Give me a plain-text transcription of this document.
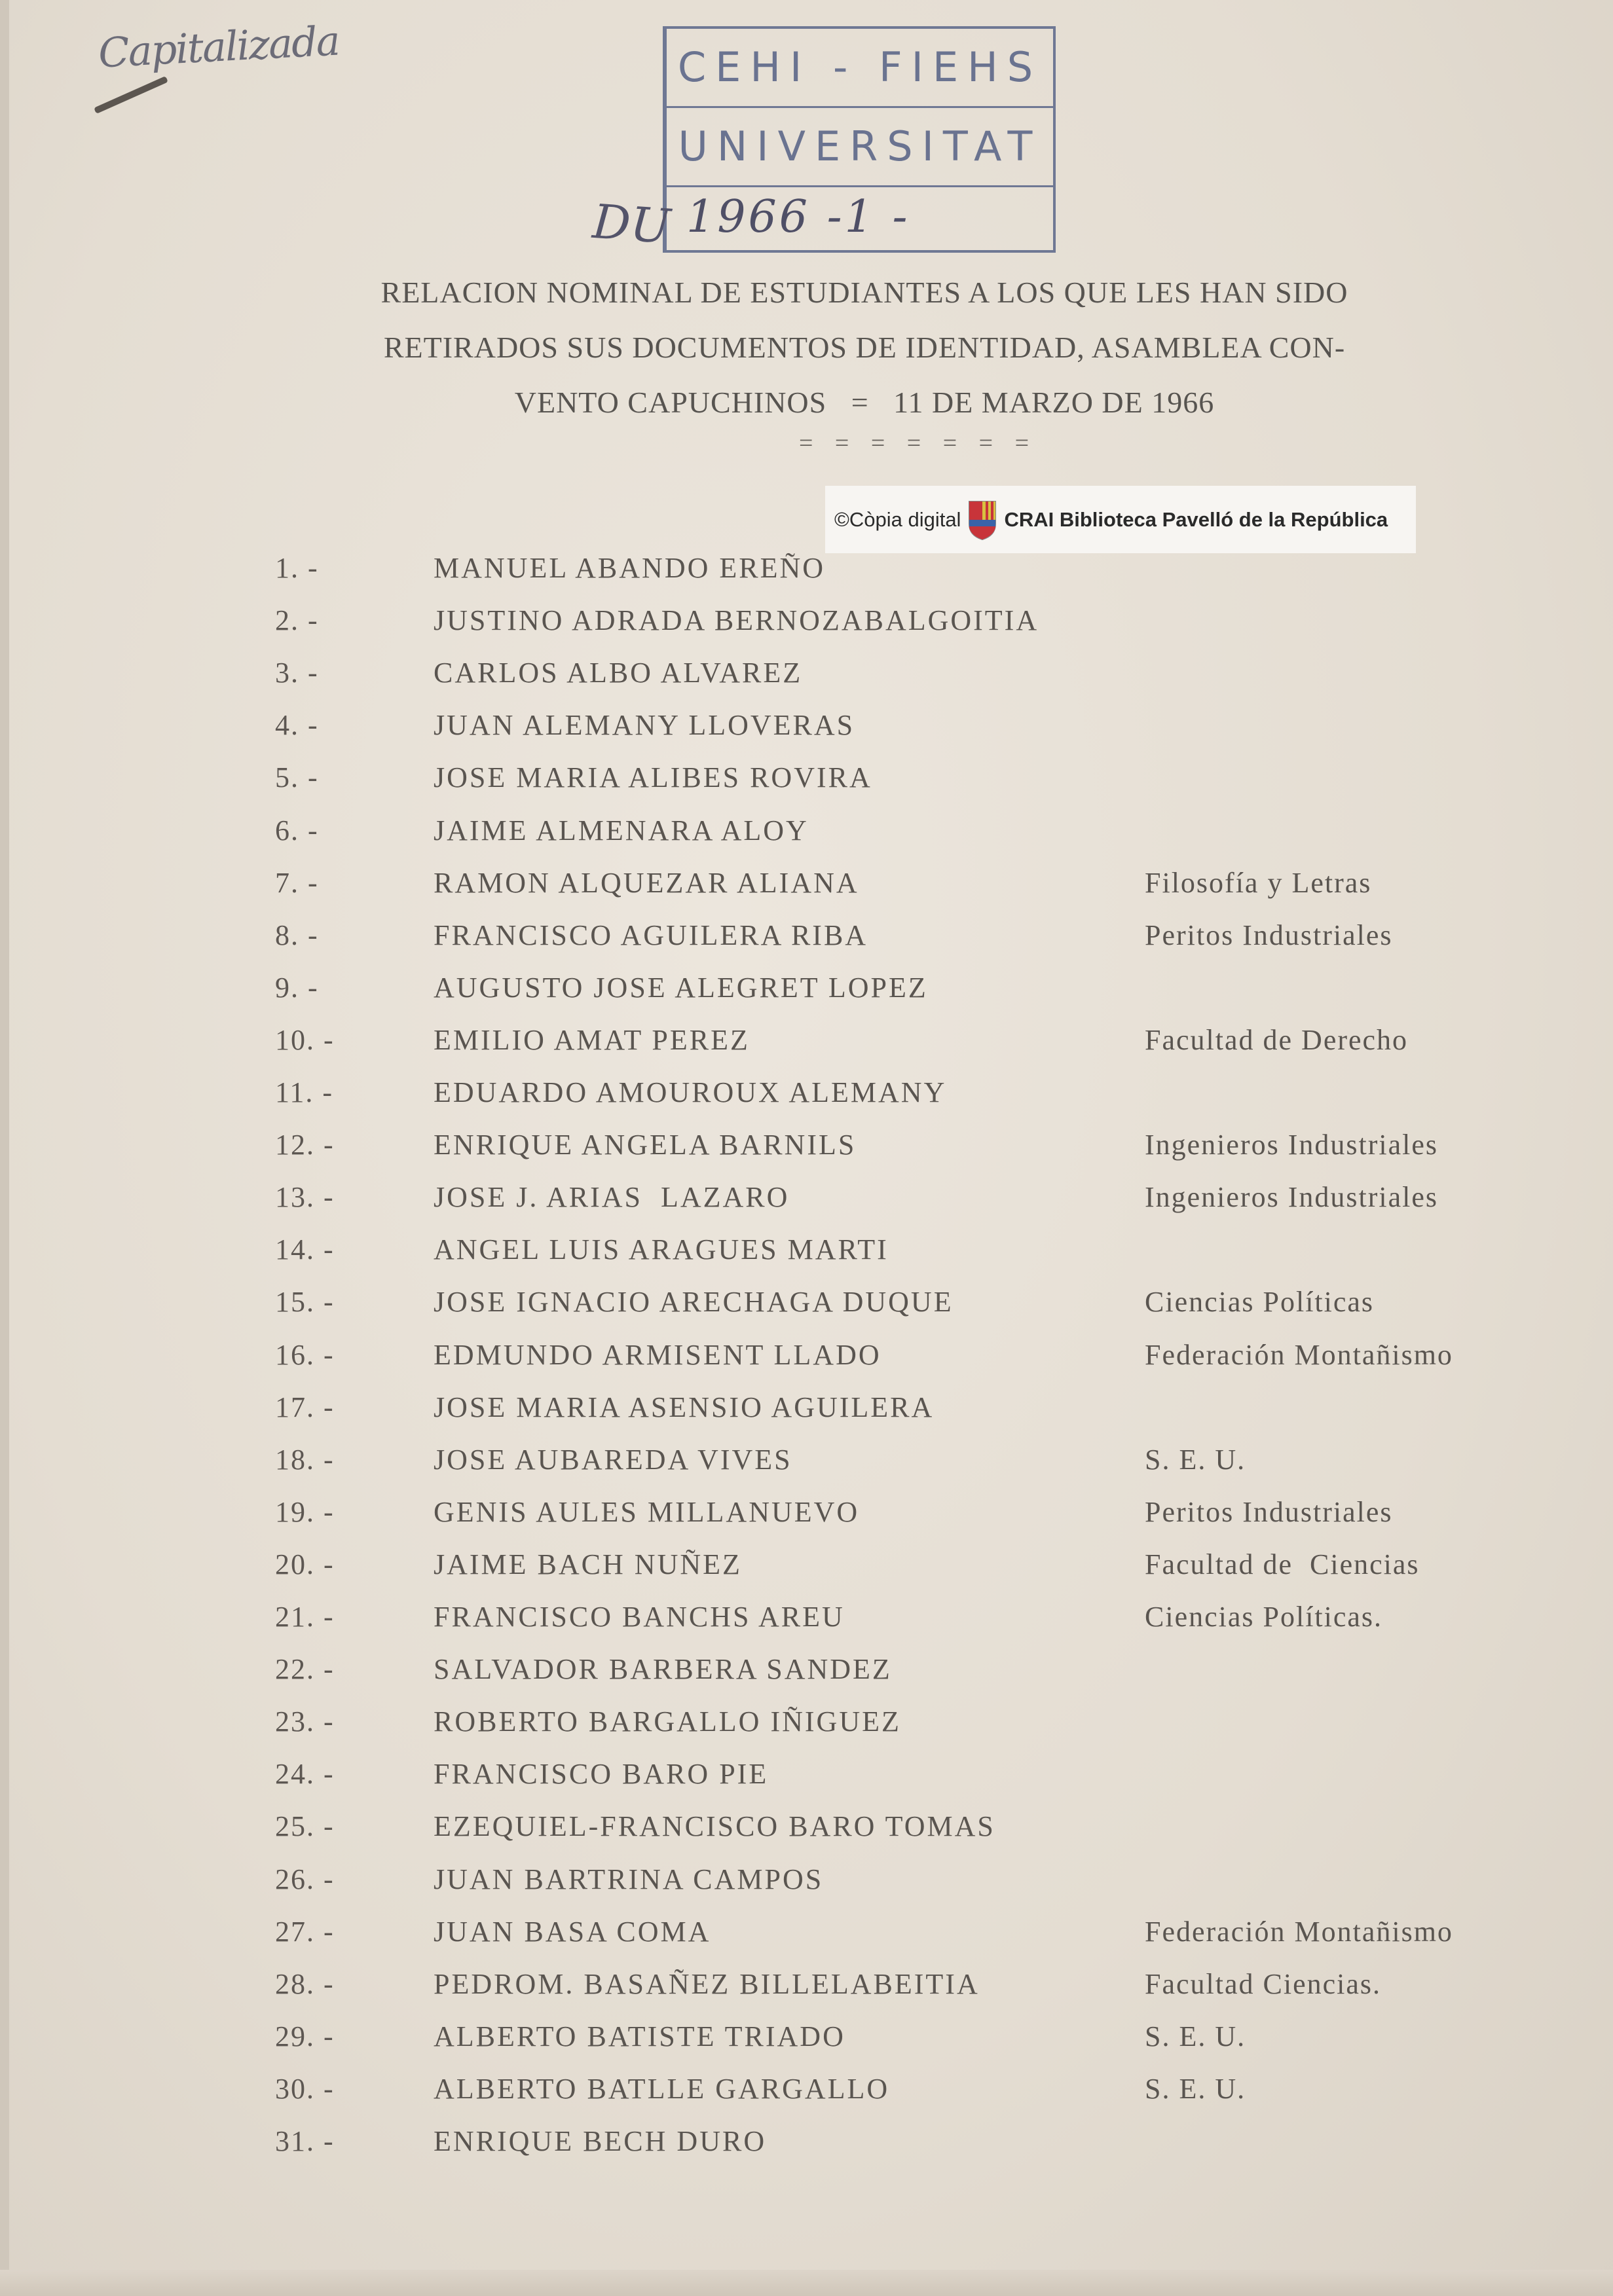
Capitalizada	CEHI - FIEHS
UNIVERSITAT
1966 -1 -
DU
RELACION NOMINAL DE ESTUDIANTES A LOS QUE LES HAN SIDO
RETIRADOS SUS DOCUMENTOS DE IDENTIDAD, ASAMBLEA CON-
VENTO CAPUCHINOS   =   11 DE MARZO DE 1966
= = = = = = =
©Còpia digital CRAI Biblioteca Pavelló de la República
1. -	MANUEL ABANDO EREÑO
2. -	JUSTINO ADRADA BERNOZABALGOITIA
3. -	CARLOS ALBO ALVAREZ
4. -	JUAN ALEMANY LLOVERAS
5. -	JOSE MARIA ALIBES ROVIRA
6. -	JAIME ALMENARA ALOY
7. -	RAMON ALQUEZAR ALIANA	Filosofía y Letras
8. -	FRANCISCO AGUILERA RIBA	Peritos Industriales
9. -	AUGUSTO JOSE ALEGRET LOPEZ
10. -	EMILIO AMAT PEREZ	Facultad de Derecho
11. -	EDUARDO AMOUROUX ALEMANY
12. -	ENRIQUE ANGELA BARNILS	Ingenieros Industriales
13. -	JOSE J. ARIAS  LAZARO	Ingenieros Industriales
14. -	ANGEL LUIS ARAGUES MARTI
15. -	JOSE IGNACIO ARECHAGA DUQUE	Ciencias Políticas
16. -	EDMUNDO ARMISENT LLADO	Federación Montañismo
17. -	JOSE MARIA ASENSIO AGUILERA
18. -	JOSE AUBAREDA VIVES	S. E. U.
19. -	GENIS AULES MILLANUEVO	Peritos Industriales
20. -	JAIME BACH NUÑEZ	Facultad de  Ciencias
21. -	FRANCISCO BANCHS AREU	Ciencias Políticas.
22. -	SALVADOR BARBERA SANDEZ
23. -	ROBERTO BARGALLO IÑIGUEZ
24. -	FRANCISCO BARO PIE
25. -	EZEQUIEL-FRANCISCO BARO TOMAS
26. -	JUAN BARTRINA CAMPOS
27. -	JUAN BASA COMA	Federación Montañismo
28. -	PEDROM. BASAÑEZ BILLELABEITIA	Facultad Ciencias.
29. -	ALBERTO BATISTE TRIADO	S. E. U.
30. -	ALBERTO BATLLE GARGALLO	S. E. U.
31. -	ENRIQUE BECH DURO
